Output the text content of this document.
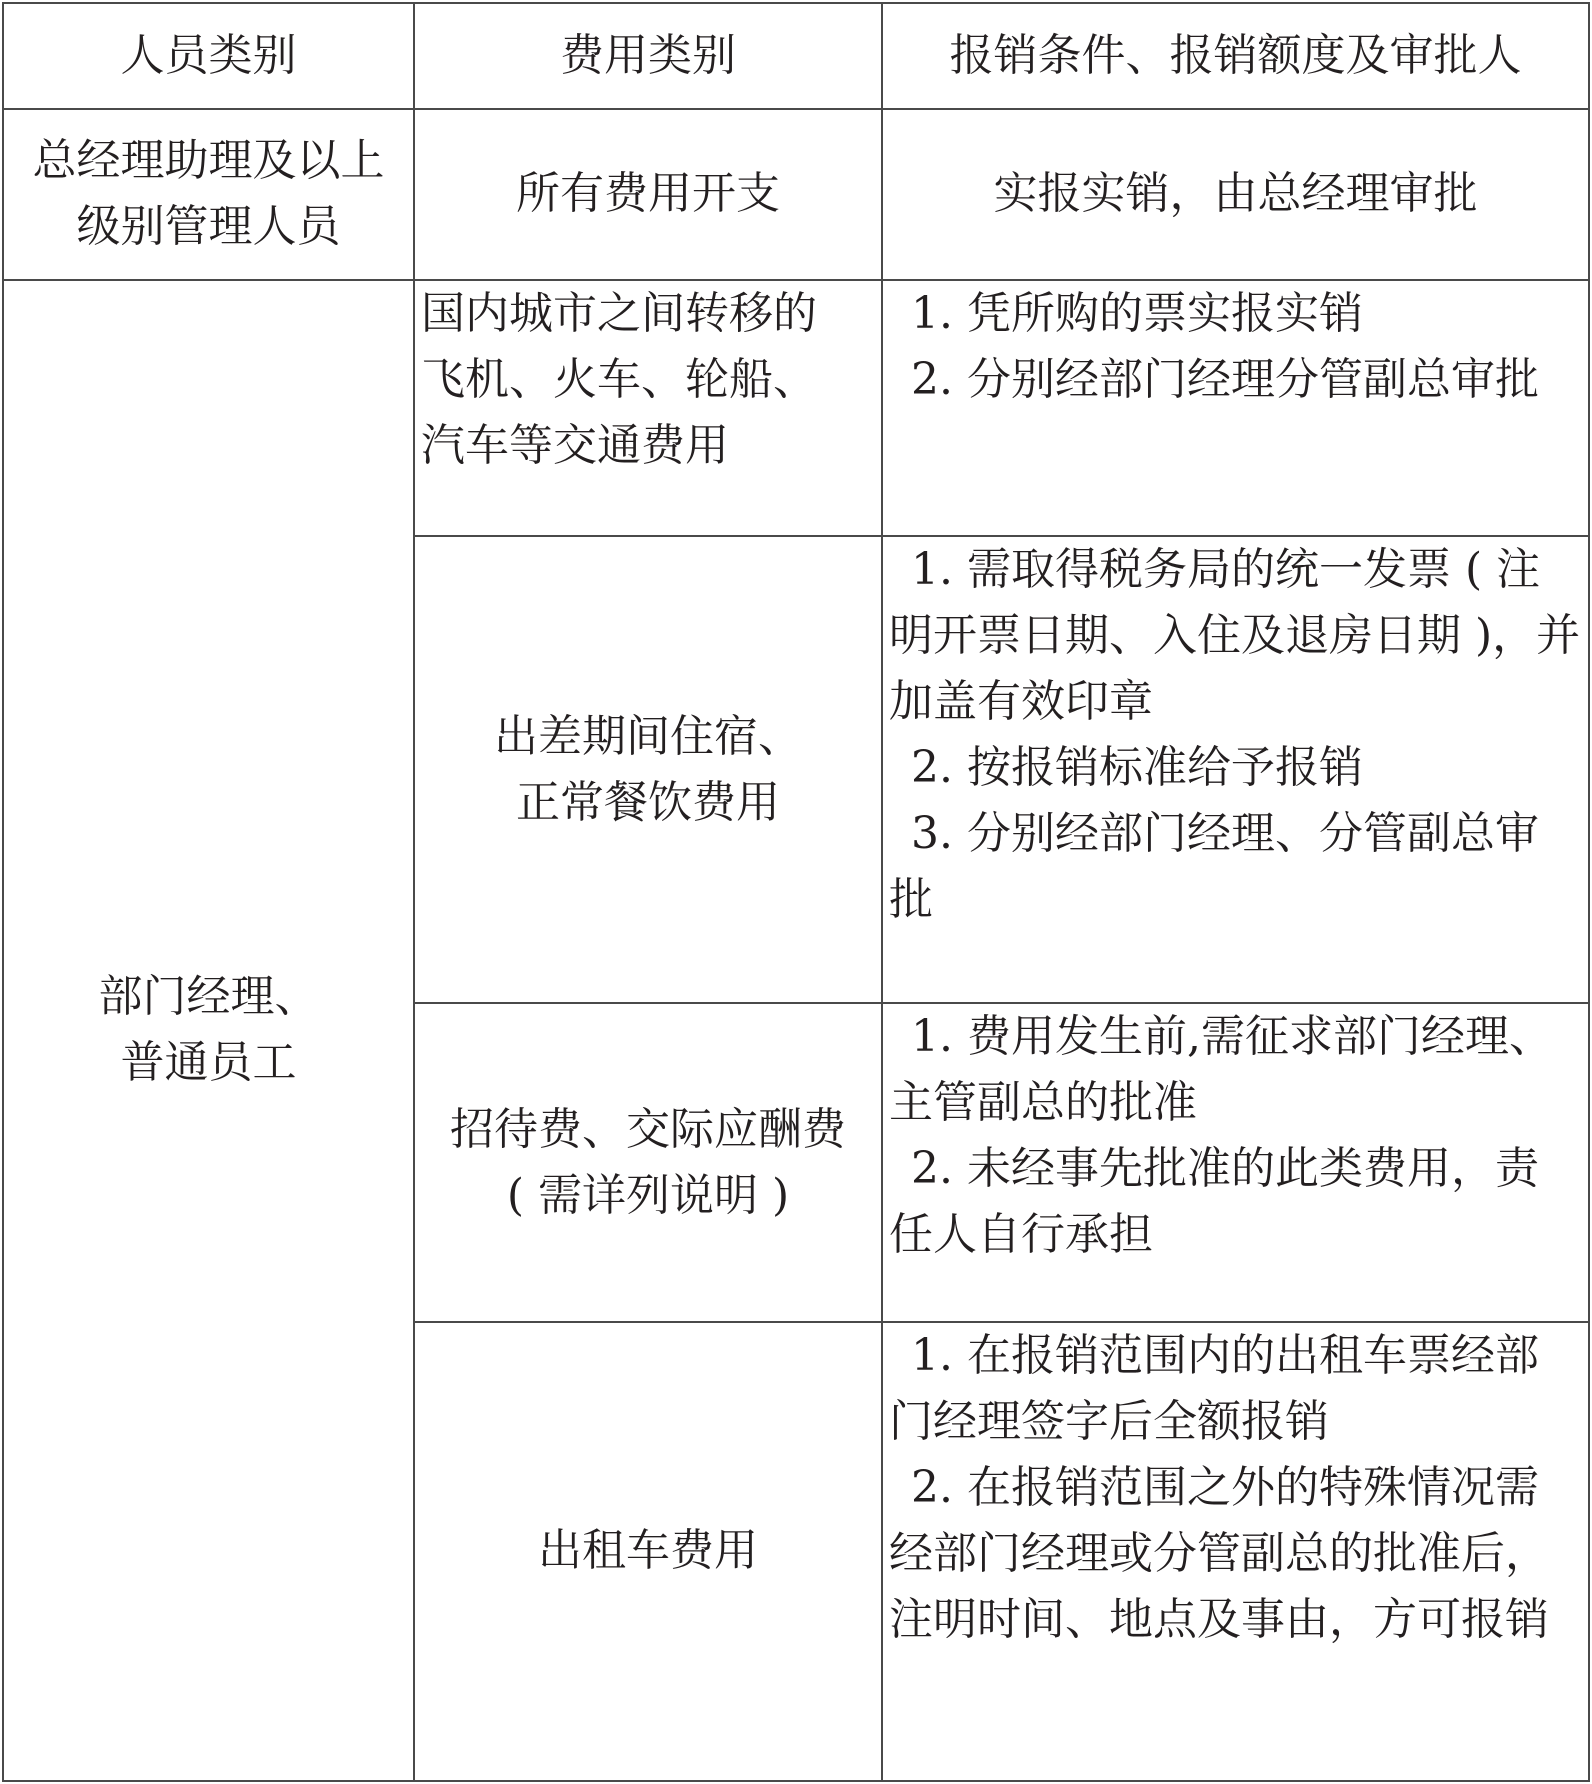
人员类别	费用类别	报销条件、报销额度及审批人

总经理助理及以上
级别管理人员	所有费用开支	实报实销，由总经理审批

部门经理、
普通员工	国内城市之间转移的
飞机、火车、轮船、
汽车等交通费用	1. 凭所购的票实报实销
2. 分别经部门经理分管副总审批

	出差期间住宿、
正常餐饮费用	1. 需取得税务局的统一发票 ( 注明开票日期、入住及退房日期 )，并加盖有效印章
2. 按报销标准给予报销
3. 分别经部门经理、分管副总审批

	招待费、交际应酬费
( 需详列说明 )	1. 费用发生前,需征求部门经理、主管副总的批准
2. 未经事先批准的此类费用，责任人自行承担

	出租车费用	1. 在报销范围内的出租车票经部门经理签字后全额报销
2. 在报销范围之外的特殊情况需经部门经理或分管副总的批准后，注明时间、地点及事由，方可报销
